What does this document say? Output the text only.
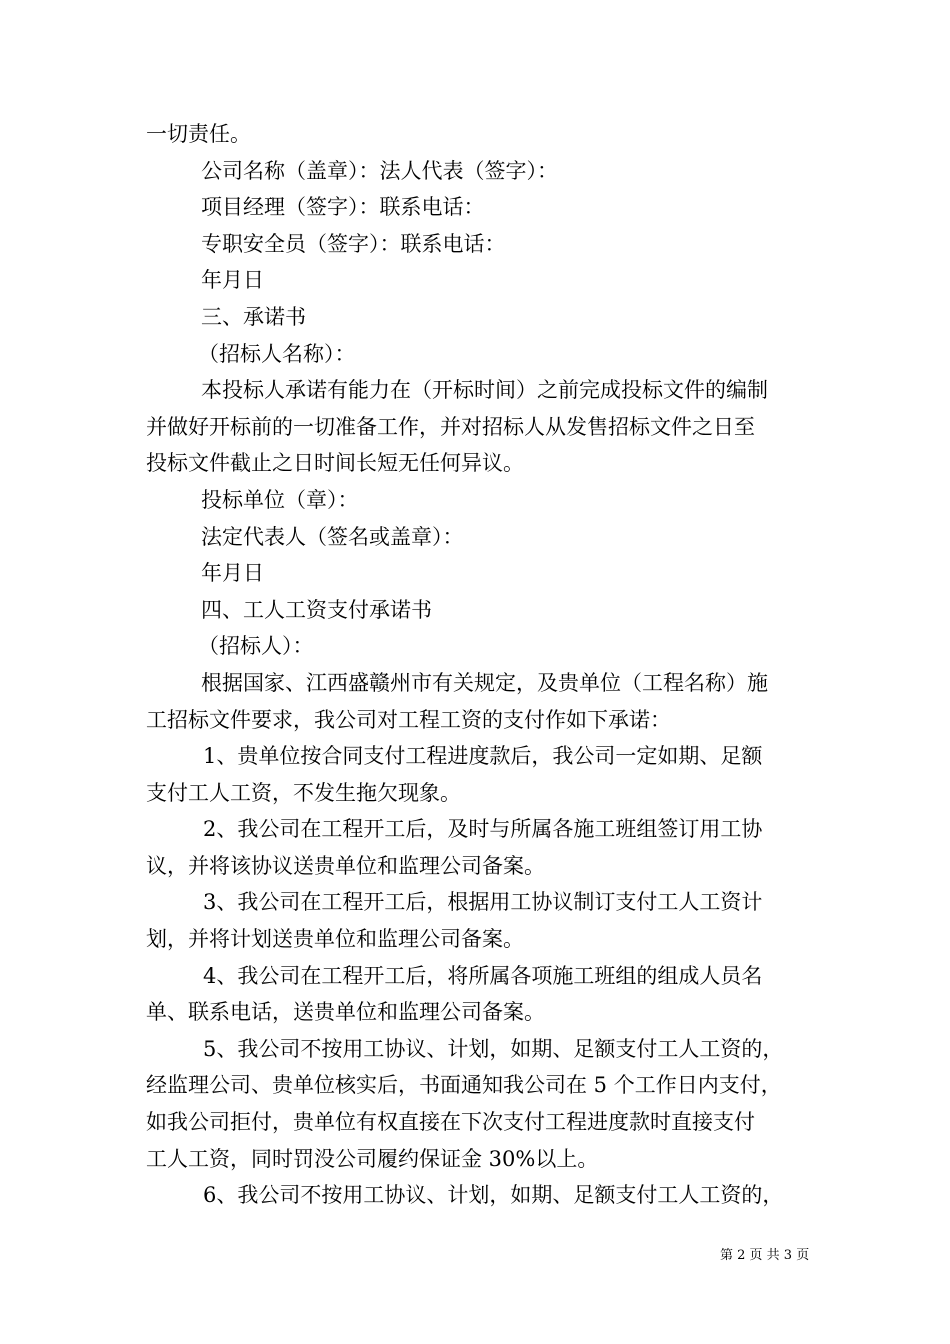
一切责任。
公司名称（盖章）：法人代表（签字）：
项目经理（签字）：联系电话：
专职安全员（签字）：联系电话：
年月日
三、承诺书
（招标人名称）：
本投标人承诺有能力在（开标时间）之前完成投标文件的编制
并做好开标前的一切准备工作，并对招标人从发售招标文件之日至
投标文件截止之日时间长短无任何异议。
投标单位（章）：
法定代表人（签名或盖章）：
年月日
四、工人工资支付承诺书
（招标人）：
根据国家、江西盛赣州市有关规定，及贵单位（工程名称）施
工招标文件要求，我公司对工程工资的支付作如下承诺：
1、贵单位按合同支付工程进度款后，我公司一定如期、足额
支付工人工资，不发生拖欠现象。
2、我公司在工程开工后，及时与所属各施工班组签订用工协
议，并将该协议送贵单位和监理公司备案。
3、我公司在工程开工后，根据用工协议制订支付工人工资计
划，并将计划送贵单位和监理公司备案。
4、我公司在工程开工后，将所属各项施工班组的组成人员名
单、联系电话，送贵单位和监理公司备案。
5、我公司不按用工协议、计划，如期、足额支付工人工资的，
经监理公司、贵单位核实后，书面通知我公司在 5 个工作日内支付，
如我公司拒付，贵单位有权直接在下次支付工程进度款时直接支付
工人工资，同时罚没公司履约保证金 30%以上。
6、我公司不按用工协议、计划，如期、足额支付工人工资的，
第 2 页 共 3 页
